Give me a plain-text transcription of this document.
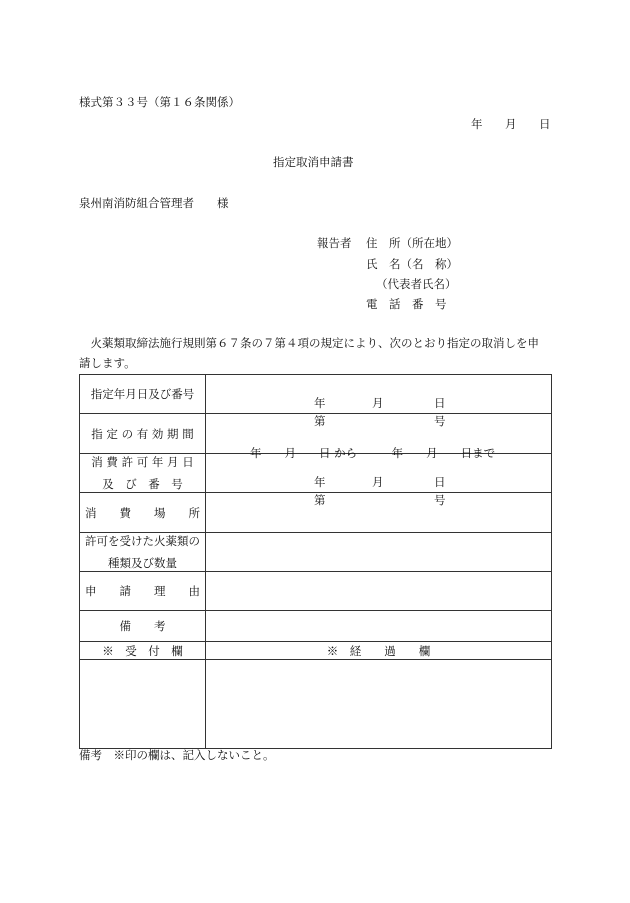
様式第３３号（第１６条関係）
年 月 日
指定取消申請書
泉州南消防組合管理者　　様
報告者 住　所（所在地）
氏　名（名　称）
（代表者氏名）
電　話　番　号
　火薬類取締法施行規則第６７条の７第４項の規定により、次のとおり指定の取消しを申
請します。
指定年月日及び番号	年 月 日
第 号

指 定 の 有 効 期 間	年　　月　　日 から　　　年　　月　　日まで

消 費 許 可 年 月 日
及　び　番　号	年 月 日
第 号

消　　費　　場　　所	

許可を受けた火薬類の
種類及び数量	

申　　請　　理　　由	

備　　考	

※　受　付　欄	※　経　　過　　欄

備考　※印の欄は、記入しないこと。
